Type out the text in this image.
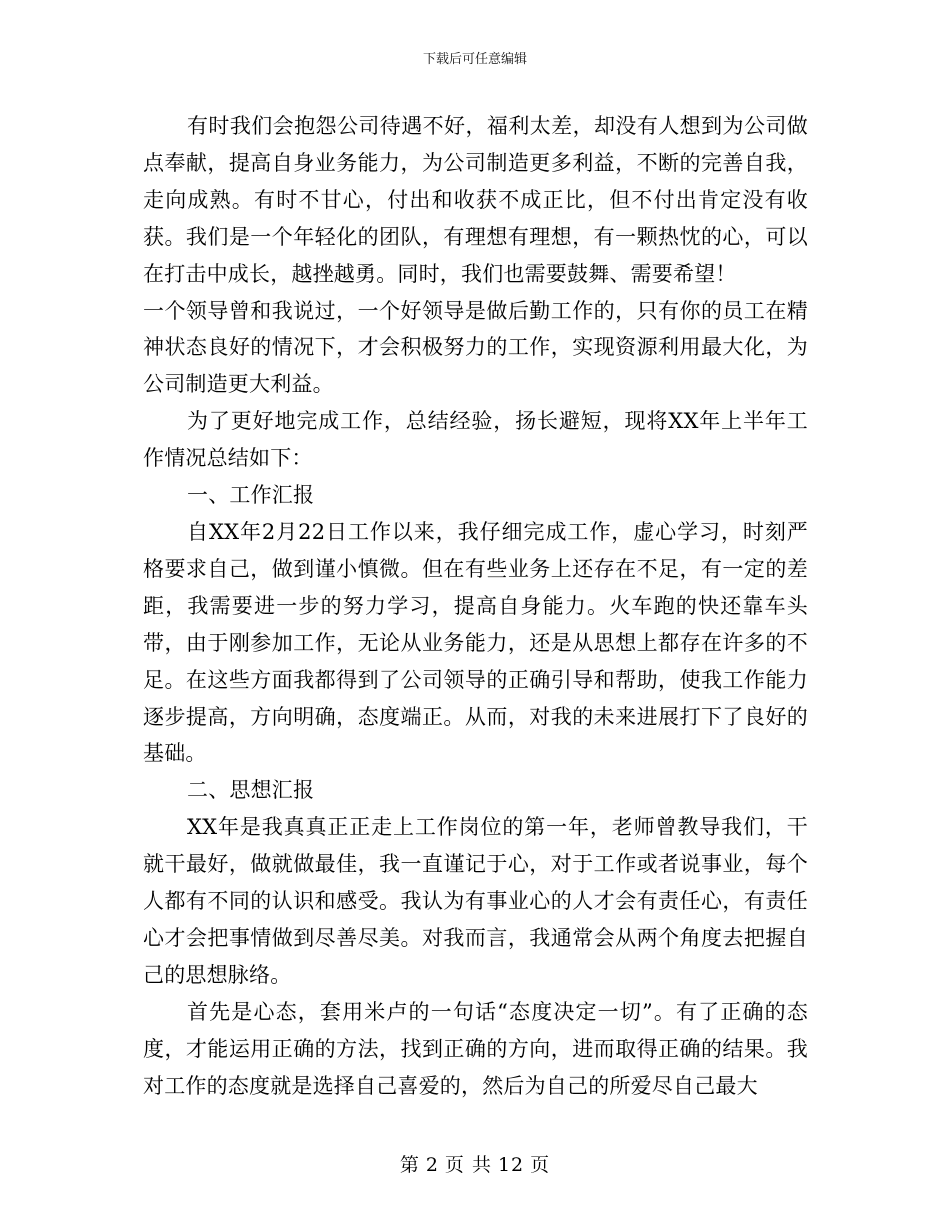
下载后可任意编辑

有时我们会抱怨公司待遇不好，福利太差，却没有人想到为公司做点奉献，提高自身业务能力，为公司制造更多利益，不断的完善自我，走向成熟。有时不甘心，付出和收获不成正比，但不付出肯定没有收获。我们是一个年轻化的团队，有理想有理想，有一颗热忱的心，可以在打击中成长，越挫越勇。同时，我们也需要鼓舞、需要希望！

一个领导曾和我说过，一个好领导是做后勤工作的，只有你的员工在精神状态良好的情况下，才会积极努力的工作，实现资源利用最大化，为公司制造更大利益。

为了更好地完成工作，总结经验，扬长避短，现将XX年上半年工作情况总结如下：

一、工作汇报

自XX年2月22日工作以来，我仔细完成工作，虚心学习，时刻严格要求自己，做到谨小慎微。但在有些业务上还存在不足，有一定的差距，我需要进一步的努力学习，提高自身能力。火车跑的快还靠车头带，由于刚参加工作，无论从业务能力，还是从思想上都存在许多的不足。在这些方面我都得到了公司领导的正确引导和帮助，使我工作能力逐步提高，方向明确，态度端正。从而，对我的未来进展打下了良好的基础。

二、思想汇报

XX年是我真真正正走上工作岗位的第一年，老师曾教导我们，干就干最好，做就做最佳，我一直谨记于心，对于工作或者说事业，每个人都有不同的认识和感受。我认为有事业心的人才会有责任心，有责任心才会把事情做到尽善尽美。对我而言，我通常会从两个角度去把握自己的思想脉络。

首先是心态，套用米卢的一句话“态度决定一切”。有了正确的态度，才能运用正确的方法，找到正确的方向，进而取得正确的结果。我对工作的态度就是选择自己喜爱的，然后为自己的所爱尽自己最大

第 2 页 共 12 页
